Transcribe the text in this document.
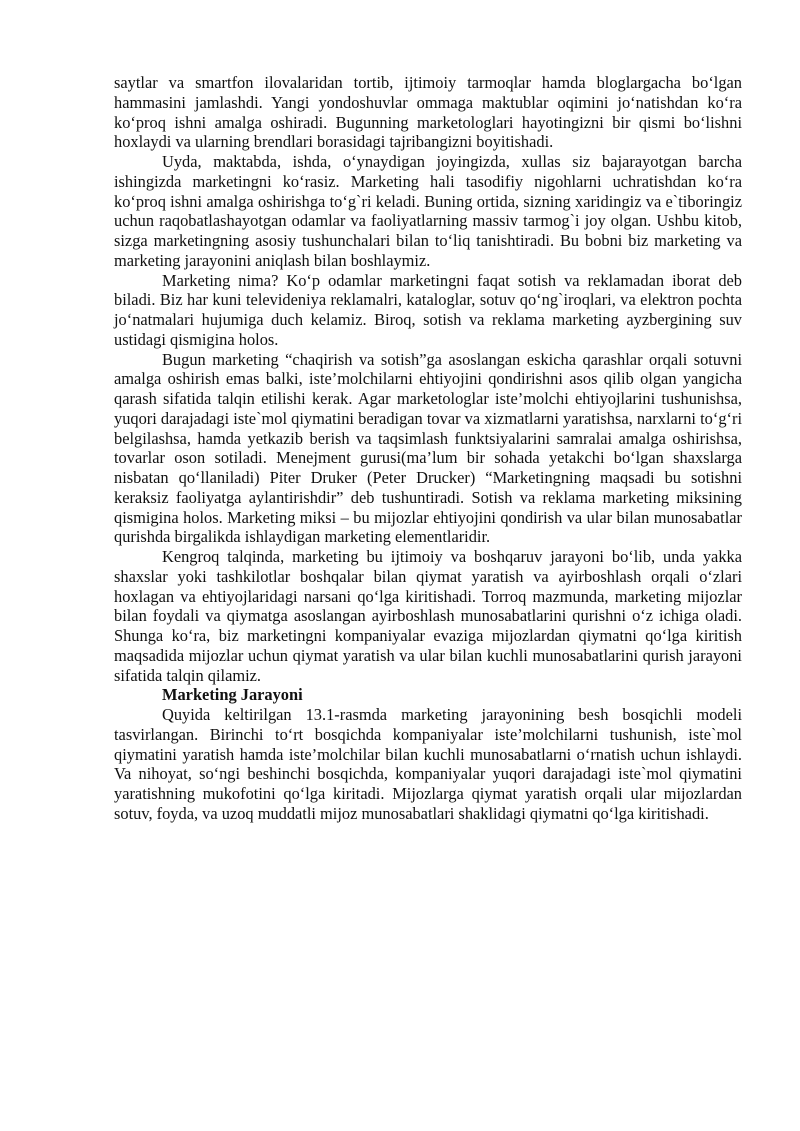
saytlar va smartfon ilovalaridan tortib, ijtimoiy tarmoqlar hamda bloglargacha bo‘lgan hammasini jamlashdi. Yangi yondoshuvlar ommaga maktublar oqimini jo‘natishdan ko‘ra ko‘proq ishni amalga oshiradi. Bugunning marketologlari hayotingizni bir qismi bo‘lishni hoxlaydi va ularning brendlari borasidagi tajribangizni boyitishadi.

Uyda, maktabda, ishda, o‘ynaydigan joyingizda, xullas siz bajarayotgan barcha ishingizda marketingni ko‘rasiz. Marketing hali tasodifiy nigohlarni uchratishdan ko‘ra ko‘proq ishni amalga oshirishga to‘g`ri keladi. Buning ortida, sizning xaridingiz va e`tiboringiz uchun raqobatlashayotgan odamlar va faoliyatlarning massiv tarmog`i joy olgan. Ushbu kitob, sizga marketingning asosiy tushunchalari bilan to‘liq tanishtiradi. Bu bobni biz marketing va marketing jarayonini aniqlash bilan boshlaymiz.

Marketing nima? Ko‘p odamlar marketingni faqat sotish va reklamadan iborat deb biladi. Biz har kuni televideniya reklamalri, kataloglar, sotuv qo‘ng`iroqlari, va elektron pochta jo‘natmalari hujumiga duch kelamiz. Biroq, sotish va reklama marketing ayzbergining suv ustidagi qismigina holos.

Bugun marketing “chaqirish va sotish”ga asoslangan eskicha qarashlar orqali sotuvni amalga oshirish emas balki, iste’molchilarni ehtiyojini qondirishni asos qilib olgan yangicha qarash sifatida talqin etilishi kerak. Agar marketologlar iste’molchi ehtiyojlarini tushunishsa, yuqori darajadagi iste`mol qiymatini beradigan tovar va xizmatlarni yaratishsa, narxlarni to‘g‘ri belgilashsa, hamda yetkazib berish va taqsimlash funktsiyalarini samralai amalga oshirishsa, tovarlar oson sotiladi. Menejment gurusi(ma’lum bir sohada yetakchi bo‘lgan shaxslarga nisbatan qo‘llaniladi) Piter Druker (Peter Drucker) “Marketingning maqsadi bu sotishni keraksiz faoliyatga aylantirishdir” deb tushuntiradi. Sotish va reklama marketing miksining qismigina holos. Marketing miksi – bu mijozlar ehtiyojini qondirish va ular bilan munosabatlar qurishda birgalikda ishlaydigan marketing elementlaridir.

Kengroq talqinda, marketing bu ijtimoiy va boshqaruv jarayoni bo‘lib, unda yakka shaxslar yoki tashkilotlar boshqalar bilan qiymat yaratish va ayirboshlash orqali o‘zlari hoxlagan va ehtiyojlaridagi narsani qo‘lga kiritishadi. Torroq mazmunda, marketing mijozlar bilan foydali va qiymatga asoslangan ayirboshlash munosabatlarini qurishni o‘z ichiga oladi. Shunga ko‘ra, biz marketingni kompaniyalar evaziga mijozlardan qiymatni qo‘lga kiritish maqsadida mijozlar uchun qiymat yaratish va ular bilan kuchli munosabatlarini qurish jarayoni sifatida talqin qilamiz.

Marketing Jarayoni

Quyida keltirilgan 13.1-rasmda marketing jarayonining besh bosqichli modeli tasvirlangan. Birinchi to‘rt bosqichda kompaniyalar iste’molchilarni tushunish, iste`mol qiymatini yaratish hamda iste’molchilar bilan kuchli munosabatlarni o‘rnatish uchun ishlaydi. Va nihoyat, so‘ngi beshinchi bosqichda, kompaniyalar yuqori darajadagi iste`mol qiymatini yaratishning mukofotini qo‘lga kiritadi. Mijozlarga qiymat yaratish orqali ular mijozlardan sotuv, foyda, va uzoq muddatli mijoz munosabatlari shaklidagi qiymatni qo‘lga kiritishadi.
